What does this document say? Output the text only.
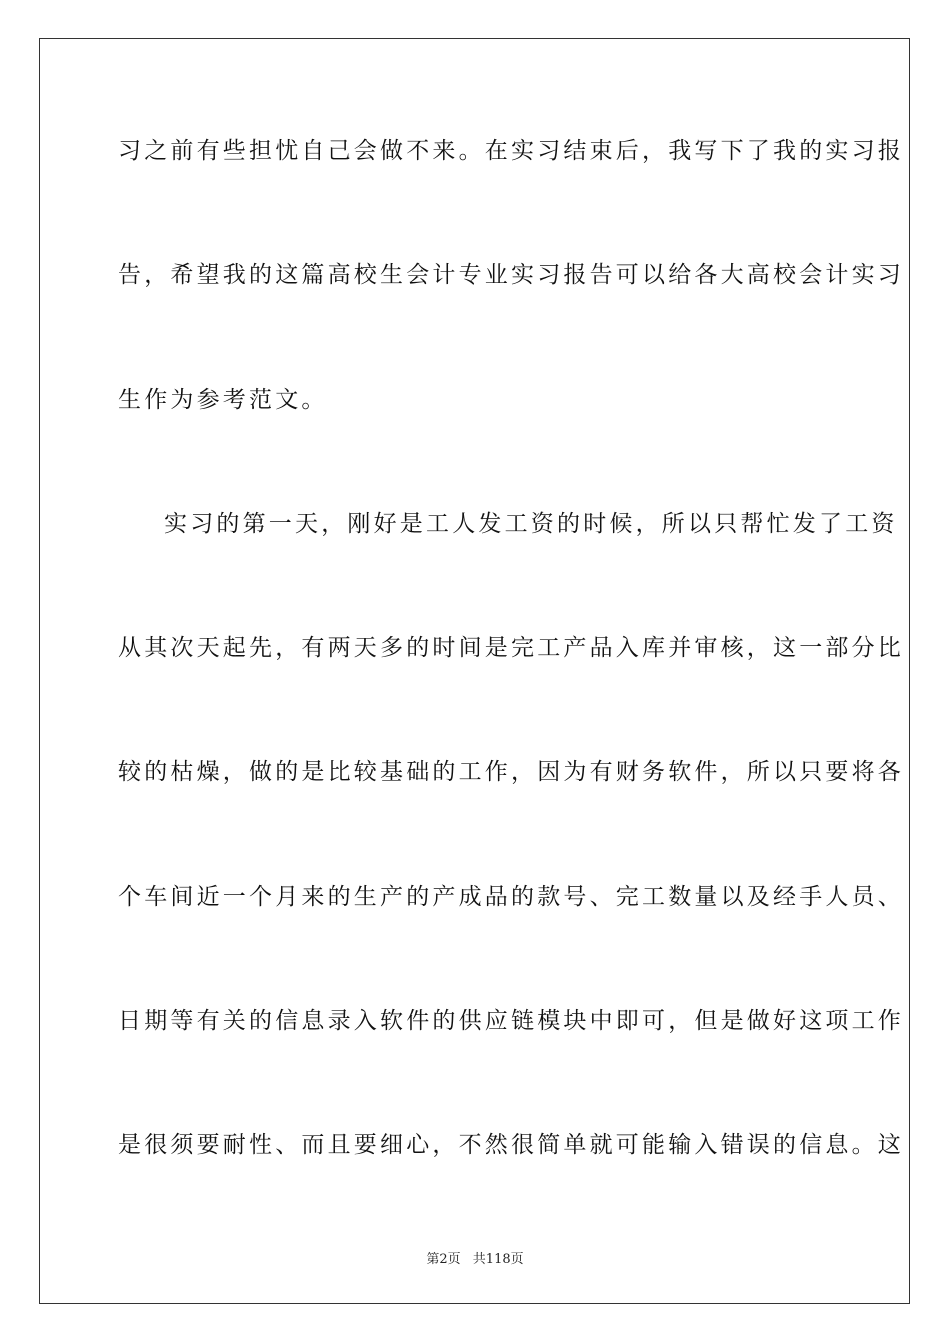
习之前有些担忧自己会做不来。在实习结束后，我写下了我的实习报
告，希望我的这篇高校生会计专业实习报告可以给各大高校会计实习
生作为参考范文。
实习的第一天，刚好是工人发工资的时候，所以只帮忙发了工资
从其次天起先，有两天多的时间是完工产品入库并审核，这一部分比
较的枯燥，做的是比较基础的工作，因为有财务软件，所以只要将各
个车间近一个月来的生产的产成品的款号、完工数量以及经手人员、
日期等有关的信息录入软件的供应链模块中即可，但是做好这项工作
是很须要耐性、而且要细心，不然很简单就可能输入错误的信息。这
第2页 共118页
